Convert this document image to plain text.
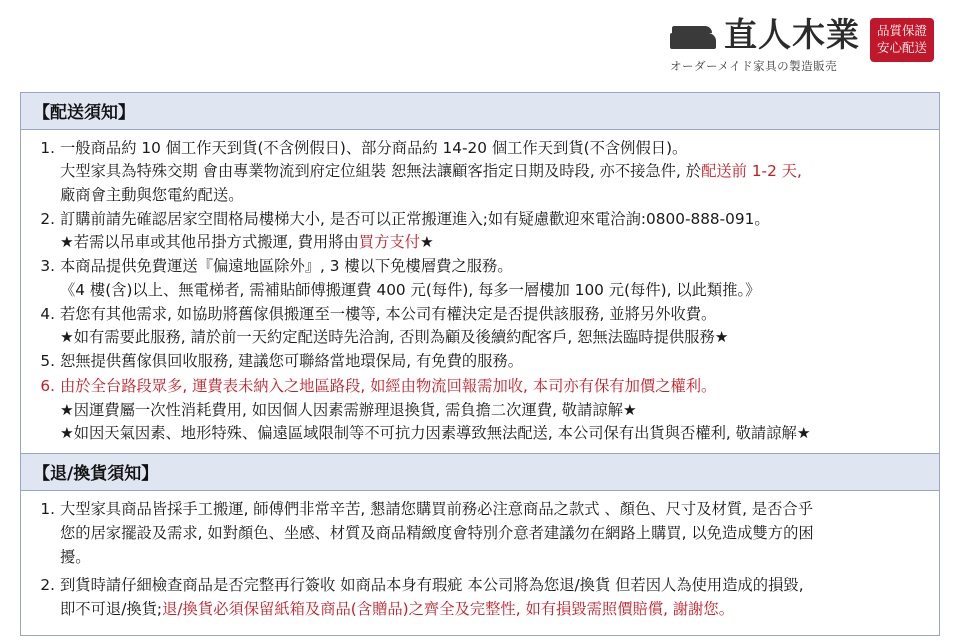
直人木業
オーダーメイド家具の製造販売
品質保證
安心配送
【配送須知】
一般商品約 10 個工作天到貨(不含例假日)、部分商品約 14-20 個工作天到貨(不含例假日)。
大型家具為特殊交期 會由專業物流到府定位組裝 恕無法讓顧客指定日期及時段, 亦不接急件, 於配送前 1-2 天,
廠商會主動與您電約配送。
訂購前請先確認居家空間格局樓梯大小, 是否可以正常搬運進入;如有疑慮歡迎來電洽詢:0800-888-091。
★若需以吊車或其他吊掛方式搬運, 費用將由買方支付★
本商品提供免費運送『偏遠地區除外』, 3 樓以下免樓層費之服務。
《4 樓(含)以上、無電梯者, 需補貼師傅搬運費 400 元(每件), 每多一層樓加 100 元(每件), 以此類推。》
若您有其他需求, 如協助將舊傢俱搬運至一樓等, 本公司有權決定是否提供該服務, 並將另外收費。
★如有需要此服務, 請於前一天約定配送時先洽詢, 否則為顧及後續約配客戶, 恕無法臨時提供服務★
恕無提供舊傢俱回收服務, 建議您可聯絡當地環保局, 有免費的服務。
由於全台路段眾多, 運費表未納入之地區路段, 如經由物流回報需加收, 本司亦有保有加價之權利。
★因運費屬一次性消耗費用, 如因個人因素需辦理退換貨, 需負擔二次運費, 敬請諒解★
★如因天氣因素、地形特殊、偏遠區域限制等不可抗力因素導致無法配送, 本公司保有出貨與否權利, 敬請諒解★
【退/換貨須知】
大型家具商品皆採手工搬運, 師傅們非常辛苦, 懇請您購買前務必注意商品之款式 、顏色、尺寸及材質, 是否合乎
您的居家擺設及需求, 如對顏色、坐感、材質及商品精緻度會特別介意者建議勿在網路上購買, 以免造成雙方的困
擾。
到貨時請仔細檢查商品是否完整再行簽收 如商品本身有瑕疵 本公司將為您退/換貨 但若因人為使用造成的損毀,
即不可退/換貨;退/換貨必須保留紙箱及商品(含贈品)之齊全及完整性, 如有損毀需照價賠償, 謝謝您。
